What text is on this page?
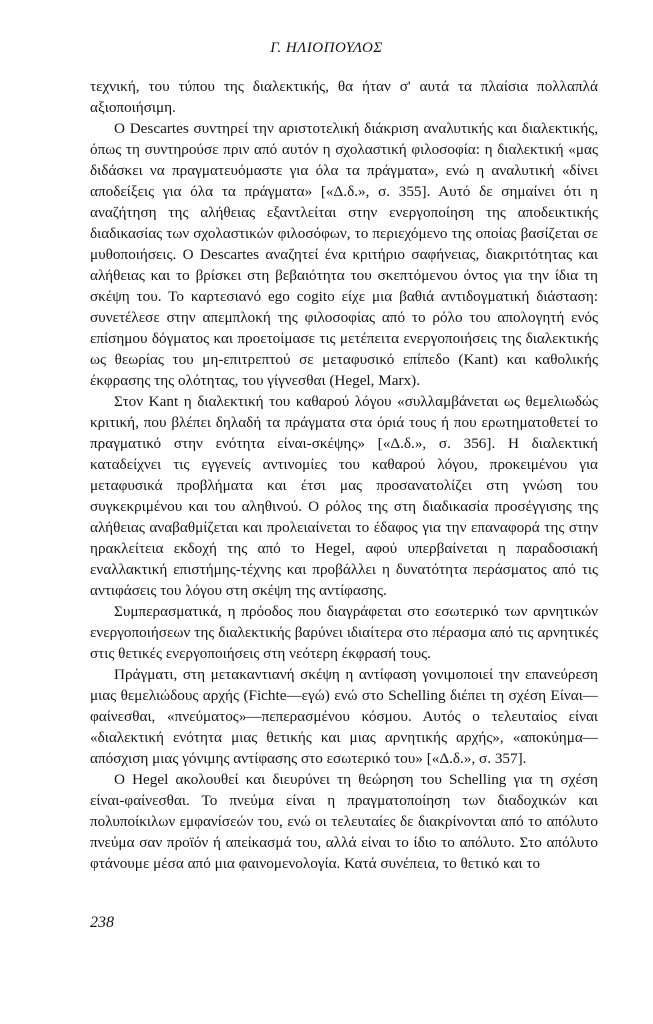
Γ. ΗΛΙΟΠΟΥΛΟΣ

τεχνική, του τύπου της διαλεκτικής, θα ήταν σ' αυτά τα πλαίσια πολλαπλά αξιοποιήσιμη.

Ο Descartes συντηρεί την αριστοτελική διάκριση αναλυτικής και διαλεκτικής, όπως τη συντηρούσε πριν από αυτόν η σχολαστική φιλοσοφία: η διαλεκτική «μας διδάσκει να πραγματευόμαστε για όλα τα πράγματα», ενώ η αναλυτική «δίνει αποδείξεις για όλα τα πράγματα» [«Δ.δ.», σ. 355]. Αυτό δε σημαίνει ότι η αναζήτηση της αλήθειας εξαντλείται στην ενεργοποίηση της αποδεικτικής διαδικασίας των σχολαστικών φιλοσόφων, το περιεχόμενο της οποίας βασίζεται σε μυθοποιήσεις. Ο Descartes αναζητεί ένα κριτήριο σαφήνειας, διακριτότητας και αλήθειας και το βρίσκει στη βεβαιότητα του σκεπτόμενου όντος για την ίδια τη σκέψη του. Το καρτεσιανό ego cogito είχε μια βαθιά αντιδογματική διάσταση: συνετέλεσε στην απεμπλοκή της φιλοσοφίας από το ρόλο του απολογητή ενός επίσημου δόγματος και προετοίμασε τις μετέπειτα ενεργοποιήσεις της διαλεκτικής ως θεωρίας του μη-επιτρεπτού σε μεταφυσικό επίπεδο (Kant) και καθολικής έκφρασης της ολότητας, του γίγνεσθαι (Hegel, Marx).

Στον Kant η διαλεκτική του καθαρού λόγου «συλλαμβάνεται ως θεμελιωδώς κριτική, που βλέπει δηλαδή τα πράγματα στα όριά τους ή που ερωτηματοθετεί το πραγματικό στην ενότητα είναι-σκέψης» [«Δ.δ.», σ. 356]. Η διαλεκτική καταδείχνει τις εγγενείς αντινομίες του καθαρού λόγου, προκειμένου για μεταφυσικά προβλήματα και έτσι μας προσανατολίζει στη γνώση του συγκεκριμένου και του αληθινού. Ο ρόλος της στη διαδικασία προσέγγισης της αλήθειας αναβαθμίζεται και προλειαίνεται το έδαφος για την επαναφορά της στην ηρακλείτεια εκδοχή της από το Hegel, αφού υπερβαίνεται η παραδοσιακή εναλλακτική επιστήμης-τέχνης και προβάλλει η δυνατότητα περάσματος από τις αντιφάσεις του λόγου στη σκέψη της αντίφασης.

Συμπερασματικά, η πρόοδος που διαγράφεται στο εσωτερικό των αρνητικών ενεργοποιήσεων της διαλεκτικής βαρύνει ιδιαίτερα στο πέρασμα από τις αρνητικές στις θετικές ενεργοποιήσεις στη νεότερη έκφρασή τους.

Πράγματι, στη μετακαντιανή σκέψη η αντίφαση γονιμοποιεί την επανεύρεση μιας θεμελιώδους αρχής (Fichte—εγώ) ενώ στο Schelling διέπει τη σχέση Είναι—φαίνεσθαι, «πνεύματος»—πεπερασμένου κόσμου. Αυτός ο τελευταίος είναι «διαλεκτική ενότητα μιας θετικής και μιας αρνητικής αρχής», «αποκύημα—απόσχιση μιας γόνιμης αντίφασης στο εσωτερικό του» [«Δ.δ.», σ. 357].

Ο Hegel ακολουθεί και διευρύνει τη θεώρηση του Schelling για τη σχέση είναι-φαίνεσθαι. Το πνεύμα είναι η πραγματοποίηση των διαδοχικών και πολυποίκιλων εμφανίσεών του, ενώ οι τελευταίες δε διακρίνονται από το απόλυτο πνεύμα σαν προϊόν ή απείκασμά του, αλλά είναι το ίδιο το απόλυτο. Στο απόλυτο φτάνουμε μέσα από μια φαινομενολογία. Κατά συνέπεια, το θετικό και το

238
